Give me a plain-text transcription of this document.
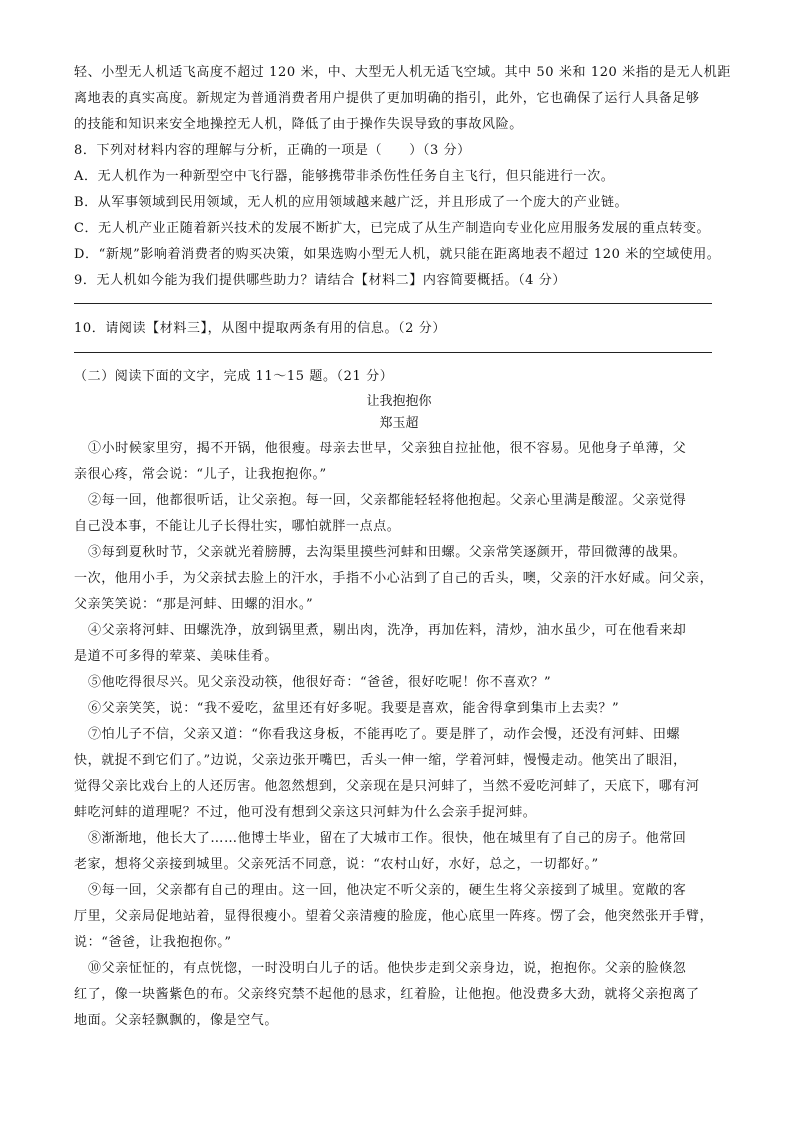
轻、小型无人机适飞高度不超过 120 米，中、大型无人机无适飞空域。其中 50 米和 120 米指的是无人机距

离地表的真实高度。新规定为普通消费者用户提供了更加明确的指引，此外，它也确保了运行人具备足够

的技能和知识来安全地操控无人机，降低了由于操作失误导致的事故风险。

8．下列对材料内容的理解与分析，正确的一项是（　　）（3 分）

A．无人机作为一种新型空中飞行器，能够携带非杀伤性任务自主飞行，但只能进行一次。

B．从军事领域到民用领域，无人机的应用领域越来越广泛，并且形成了一个庞大的产业链。

C．无人机产业正随着新兴技术的发展不断扩大，已完成了从生产制造向专业化应用服务发展的重点转变。

D．“新规”影响着消费者的购买决策，如果选购小型无人机，就只能在距离地表不超过 120 米的空域使用。

9．无人机如今能为我们提供哪些助力？请结合【材料二】内容简要概括。（4 分）

10．请阅读【材料三】，从图中提取两条有用的信息。（2 分）

（二）阅读下面的文字，完成 11～15 题。（21 分）

让我抱抱你

郑玉超

①小时候家里穷，揭不开锅，他很瘦。母亲去世早，父亲独自拉扯他，很不容易。见他身子单薄，父

亲很心疼，常会说：“儿子，让我抱抱你。”

②每一回，他都很听话，让父亲抱。每一回，父亲都能轻轻将他抱起。父亲心里满是酸涩。父亲觉得

自己没本事，不能让儿子长得壮实，哪怕就胖一点点。

③每到夏秋时节，父亲就光着膀膊，去沟渠里摸些河蚌和田螺。父亲常笑逐颜开，带回微薄的战果。

一次，他用小手，为父亲拭去脸上的汗水，手指不小心沾到了自己的舌头，噢，父亲的汗水好咸。问父亲，

父亲笑笑说：“那是河蚌、田螺的泪水。”

④父亲将河蚌、田螺洗净，放到锅里煮，剔出肉，洗净，再加佐料，清炒，油水虽少，可在他看来却

是道不可多得的荤菜、美味佳肴。

⑤他吃得很尽兴。见父亲没动筷，他很好奇：“爸爸，很好吃呢！你不喜欢？”

⑥父亲笑笑，说：“我不爱吃，盆里还有好多呢。我要是喜欢，能舍得拿到集市上去卖？”

⑦怕儿子不信，父亲又道：“你看我这身板，不能再吃了。要是胖了，动作会慢，还没有河蚌、田螺

快，就捉不到它们了。”边说，父亲边张开嘴巴，舌头一伸一缩，学着河蚌，慢慢走动。他笑出了眼泪，

觉得父亲比戏台上的人还厉害。他忽然想到，父亲现在是只河蚌了，当然不爱吃河蚌了，天底下，哪有河

蚌吃河蚌的道理呢？不过，他可没有想到父亲这只河蚌为什么会亲手捉河蚌。

⑧渐渐地，他长大了……他博士毕业，留在了大城市工作。很快，他在城里有了自己的房子。他常回

老家，想将父亲接到城里。父亲死活不同意，说：“农村山好，水好，总之，一切都好。”

⑨每一回，父亲都有自己的理由。这一回，他决定不听父亲的，硬生生将父亲接到了城里。宽敞的客

厅里，父亲局促地站着，显得很瘦小。望着父亲清瘦的脸庞，他心底里一阵疼。愣了会，他突然张开手臂，

说：“爸爸，让我抱抱你。”

⑩父亲怔怔的，有点恍惚，一时没明白儿子的话。他快步走到父亲身边，说，抱抱你。父亲的脸倏忽

红了，像一块酱紫色的布。父亲终究禁不起他的恳求，红着脸，让他抱。他没费多大劲，就将父亲抱离了

地面。父亲轻飘飘的，像是空气。
